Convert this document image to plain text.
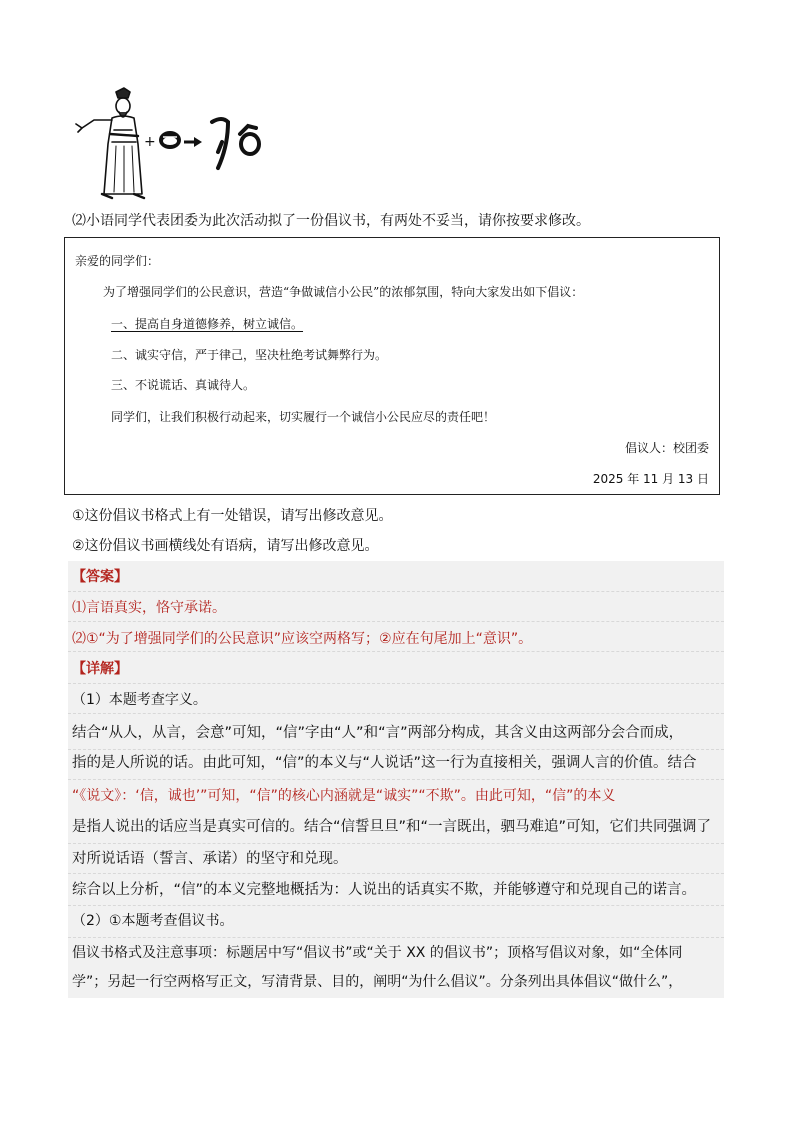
+
⑵小语同学代表团委为此次活动拟了一份倡议书，有两处不妥当，请你按要求修改。
亲爱的同学们：
为了增强同学们的公民意识，营造“争做诚信小公民”的浓郁氛围，特向大家发出如下倡议：
一、提高自身道德修养，树立诚信。
二、诚实守信，严于律己，坚决杜绝考试舞弊行为。
三、不说谎话、真诚待人。
同学们，让我们积极行动起来，切实履行一个诚信小公民应尽的责任吧！
倡议人：校团委
2025 年 11 月 13 日
①这份倡议书格式上有一处错误，请写出修改意见。
②这份倡议书画横线处有语病，请写出修改意见。
【答案】
⑴言语真实，恪守承诺。
⑵①“为了增强同学们的公民意识”应该空两格写；②应在句尾加上“意识”。
【详解】
（1）本题考查字义。
结合“从人，从言，会意”可知，“信”字由“人”和“言”两部分构成，其含义由这两部分会合而成，
指的是人所说的话。由此可知，“信”的本义与“人说话”这一行为直接相关，强调人言的价值。结合
“《说文》：‘信，诚也’”可知，“信”的核心内涵就是“诚实”“不欺”。由此可知，“信”的本义
是指人说出的话应当是真实可信的。结合“信誓旦旦”和“一言既出，驷马难追”可知，它们共同强调了
对所说话语（誓言、承诺）的坚守和兑现。
综合以上分析，“信”的本义完整地概括为：人说出的话真实不欺，并能够遵守和兑现自己的诺言。
（2）①本题考查倡议书。
倡议书格式及注意事项：标题居中写“倡议书”或“关于 XX 的倡议书”；顶格写倡议对象，如“全体同
学”；另起一行空两格写正文，写清背景、目的，阐明“为什么倡议”。分条列出具体倡议“做什么”，
